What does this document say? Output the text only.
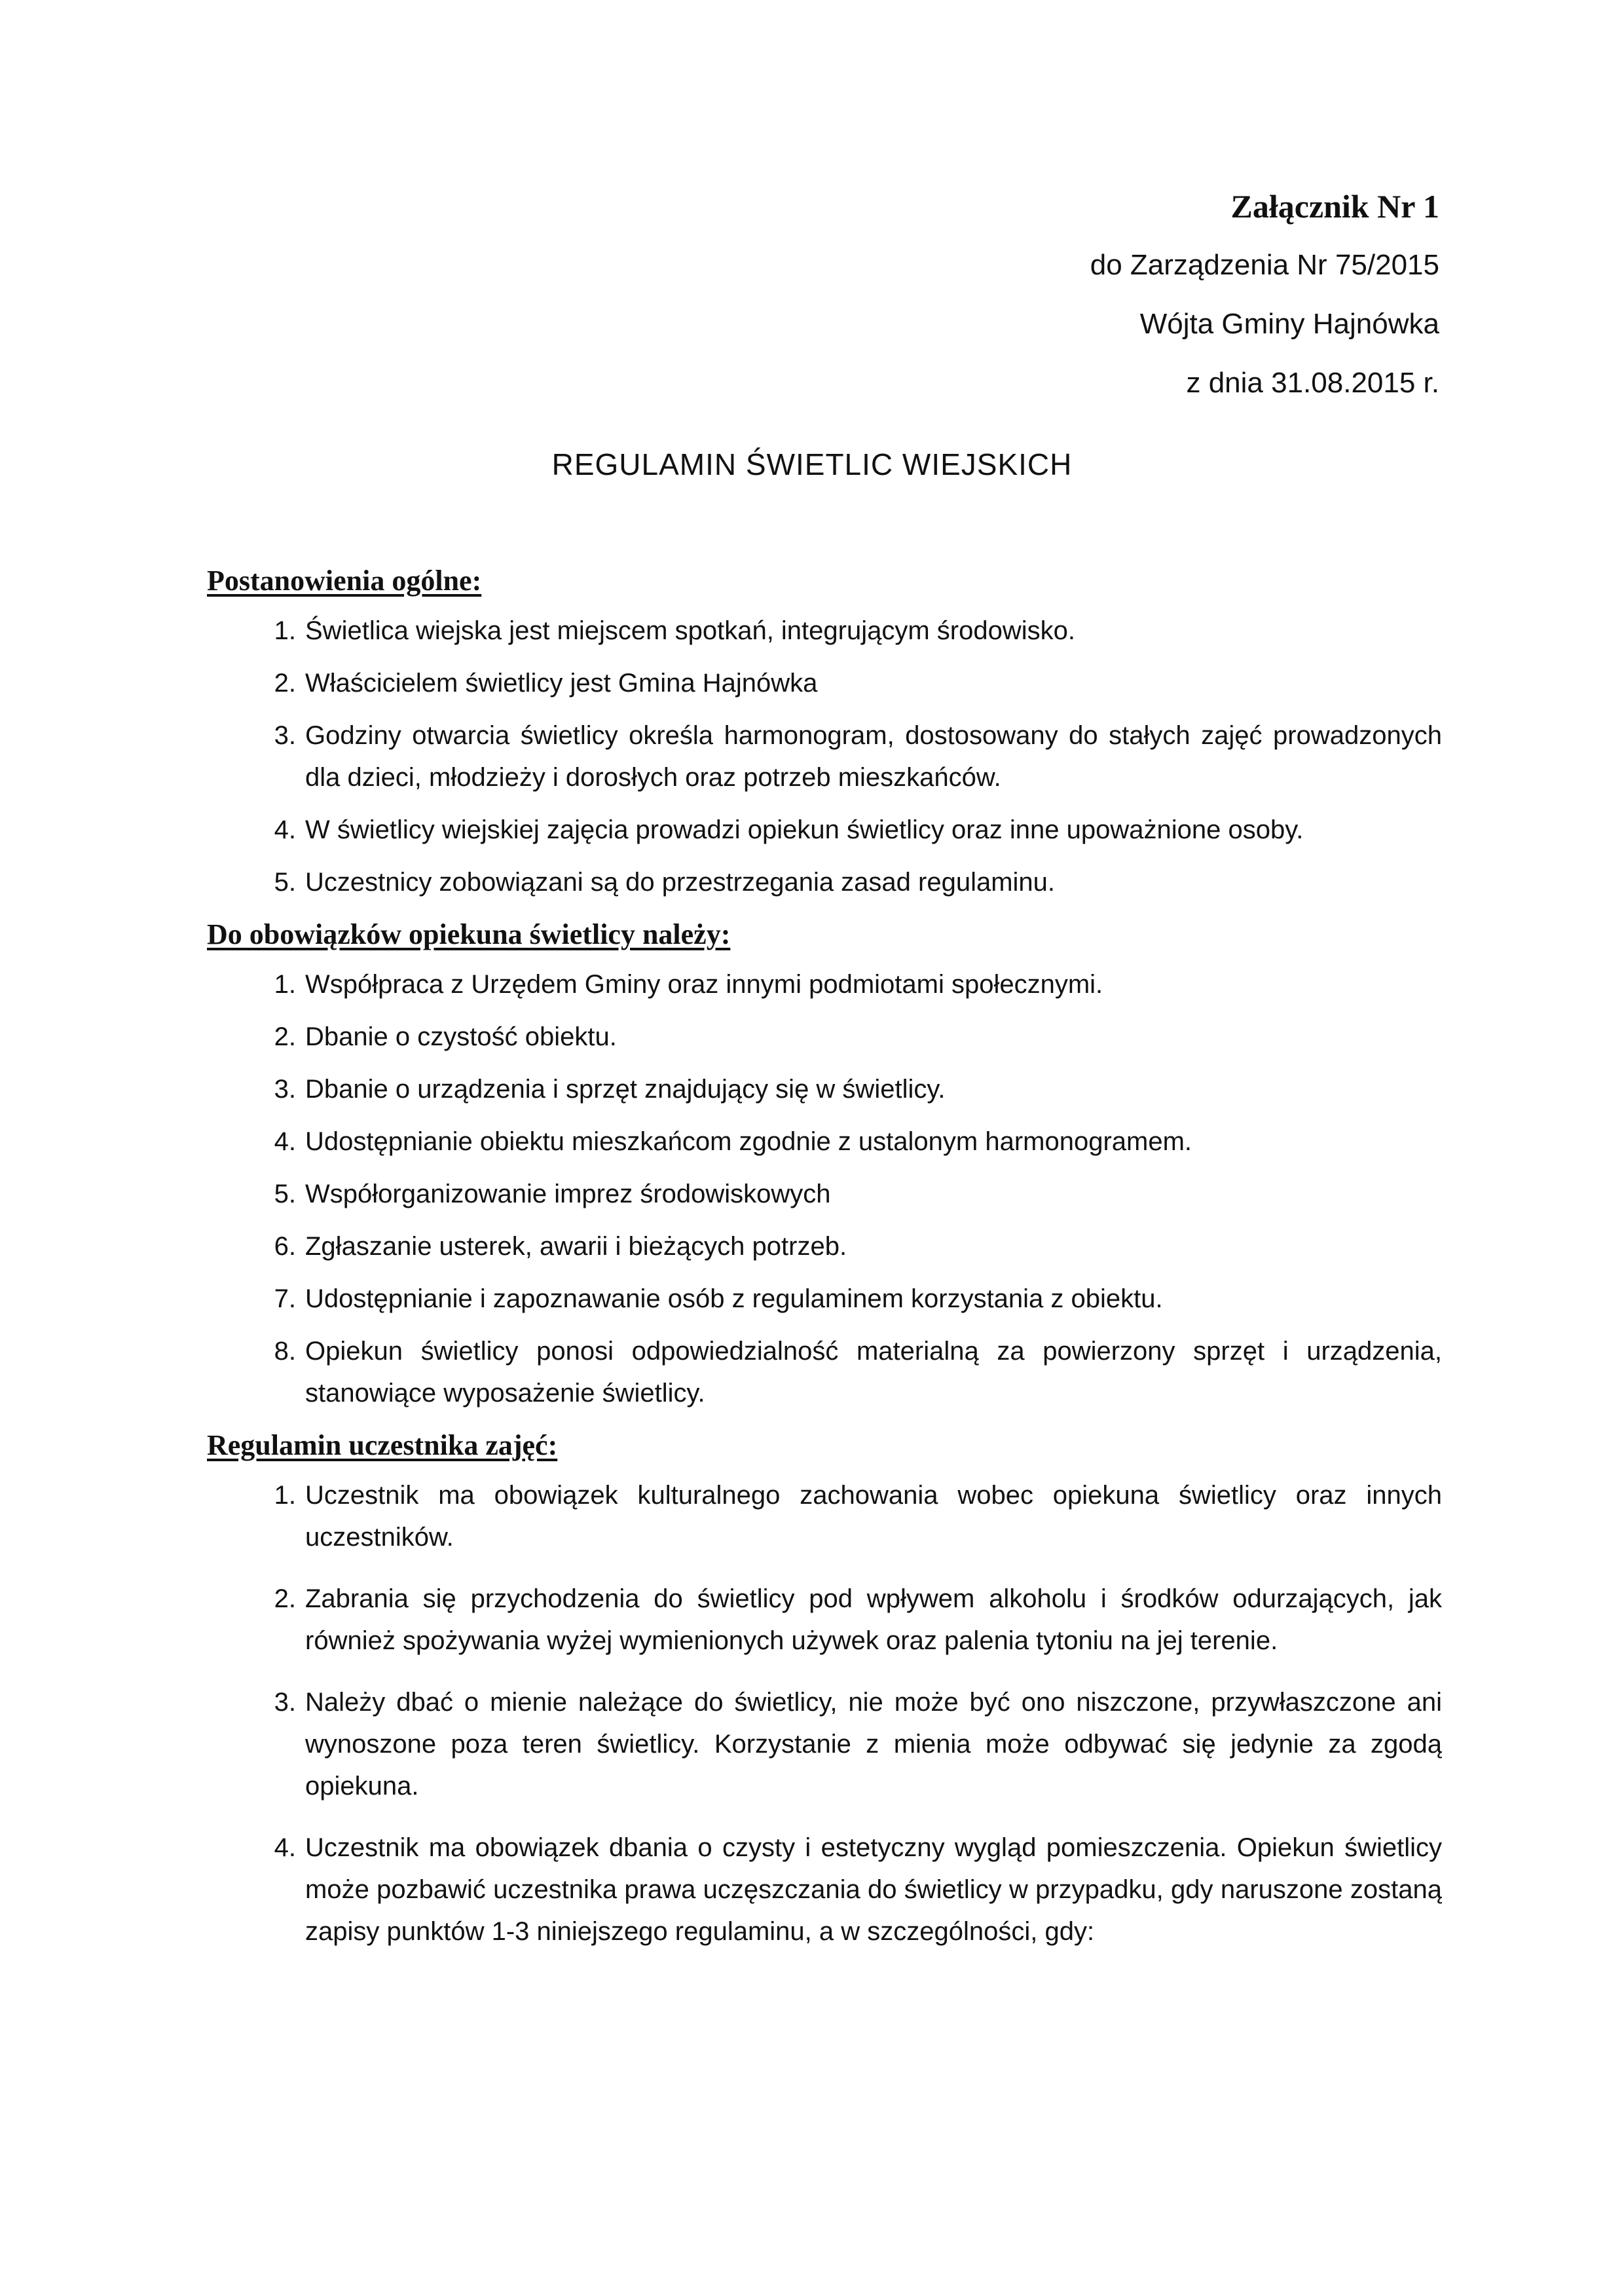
Załącznik Nr 1
do Zarządzenia Nr 75/2015
Wójta Gminy Hajnówka
z dnia 31.08.2015 r.
REGULAMIN ŚWIETLIC WIEJSKICH
Postanowienia ogólne:
1. Świetlica wiejska jest miejscem spotkań, integrującym środowisko.
2. Właścicielem świetlicy jest Gmina Hajnówka
3. Godziny otwarcia świetlicy określa harmonogram, dostosowany do stałych zajęć prowadzonych dla dzieci, młodzieży i dorosłych oraz potrzeb mieszkańców.
4. W świetlicy wiejskiej zajęcia prowadzi opiekun świetlicy oraz inne upoważnione osoby.
5. Uczestnicy zobowiązani są do przestrzegania zasad regulaminu.
Do obowiązków opiekuna świetlicy należy:
1. Współpraca z Urzędem Gminy oraz innymi podmiotami społecznymi.
2. Dbanie o czystość obiektu.
3. Dbanie o urządzenia i sprzęt znajdujący się w świetlicy.
4. Udostępnianie obiektu mieszkańcom zgodnie z ustalonym harmonogramem.
5. Współorganizowanie imprez środowiskowych
6. Zgłaszanie usterek, awarii i bieżących potrzeb.
7. Udostępnianie i zapoznawanie osób z regulaminem korzystania z obiektu.
8. Opiekun świetlicy ponosi odpowiedzialność materialną za powierzony sprzęt i urządzenia, stanowiące wyposażenie świetlicy.
Regulamin uczestnika zajęć:
1. Uczestnik ma obowiązek kulturalnego zachowania wobec opiekuna świetlicy oraz innych uczestników.
2. Zabrania się przychodzenia do świetlicy pod wpływem alkoholu i środków odurzających, jak również spożywania wyżej wymienionych używek oraz palenia tytoniu na jej terenie.
3. Należy dbać o mienie należące do świetlicy, nie może być ono niszczone, przywłaszczone ani wynoszone poza teren świetlicy. Korzystanie z mienia może odbywać się jedynie za zgodą opiekuna.
4. Uczestnik ma obowiązek dbania o czysty i estetyczny wygląd pomieszczenia. Opiekun świetlicy może pozbawić uczestnika prawa uczęszczania do świetlicy w przypadku, gdy naruszone zostaną zapisy punktów 1-3 niniejszego regulaminu, a w szczególności, gdy:
